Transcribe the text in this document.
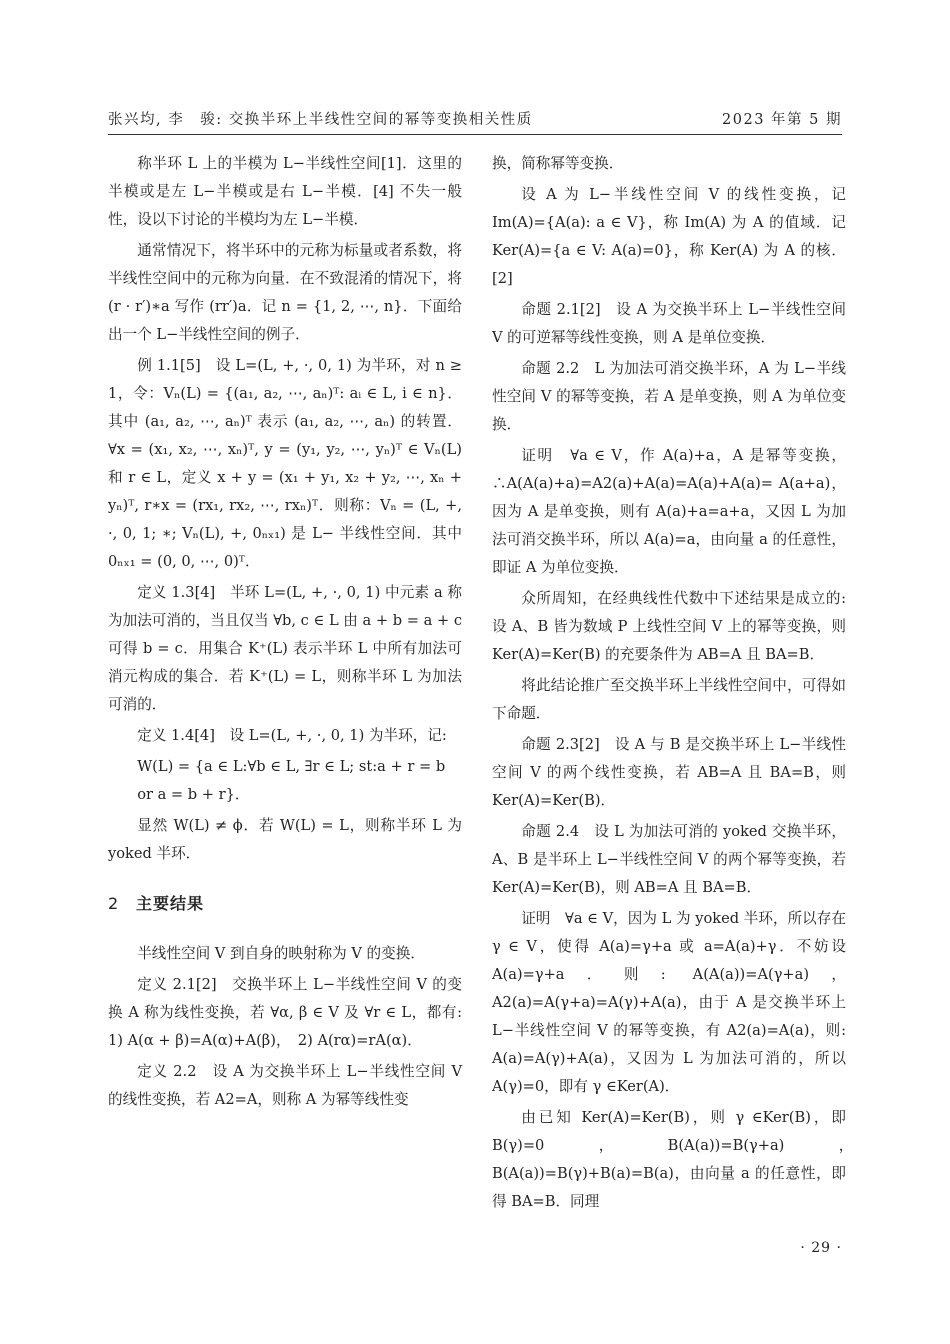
张兴均, 李　骏: 交换半环上半线性空间的幂等变换相关性质	2023 年第 5 期

称半环 L 上的半模为 L−半线性空间[1]．这里的半模或是左 L−半模或是右 L−半模．[4] 不失一般性，设以下讨论的半模均为左 L−半模．

通常情况下，将半环中的元称为标量或者系数，将半线性空间中的元称为向量．在不致混淆的情况下，将 (r · r′)∗a 写作 (rr′)a．记 n = {1, 2, ⋯, n}．下面给出一个 L−半线性空间的例子．

例 1.1[5]　设 L=(L, +, ·, 0, 1) 为半环，对 n ≥ 1，令：Vₙ(L) = {(a₁, a₂, ⋯, aₙ)ᵀ: aᵢ ∈ L, i ∈ n}．其中 (a₁, a₂, ⋯, aₙ)ᵀ 表示 (a₁, a₂, ⋯, aₙ) 的转置．∀x = (x₁, x₂, ⋯, xₙ)ᵀ, y = (y₁, y₂, ⋯, yₙ)ᵀ ∈ Vₙ(L) 和 r ∈ L，定义 x + y = (x₁ + y₁, x₂ + y₂, ⋯, xₙ + yₙ)ᵀ, r∗x = (rx₁, rx₂, ⋯, rxₙ)ᵀ．则称：Vₙ = (L, +, ·, 0, 1; ∗; Vₙ(L), +, 0ₙₓ₁) 是 L− 半线性空间．其中 0ₙₓ₁ = (0, 0, ⋯, 0)ᵀ．

定义 1.3[4]　半环 L=(L, +, ·, 0, 1) 中元素 a 称为加法可消的，当且仅当 ∀b, c ∈ L 由 a + b = a + c 可得 b = c．用集合 K⁺(L) 表示半环 L 中所有加法可消元构成的集合．若 K⁺(L) = L，则称半环 L 为加法可消的．

定义 1.4[4]　设 L=(L, +, ·, 0, 1) 为半环，记:

W(L) = {a ∈ L:∀b ∈ L, ∃r ∈ L; st:a + r = b or a = b + r}．

显然 W(L) ≠ ϕ．若 W(L) = L，则称半环 L 为 yoked 半环．

2 主要结果

半线性空间 V 到自身的映射称为 V 的变换．

定义 2.1[2]　交换半环上 L−半线性空间 V 的变换 A 称为线性变换，若 ∀α, β ∈ V 及 ∀r ∈ L，都有: 1) A(α + β)=A(α)+A(β)，　2) A(rα)=rA(α)．

定义 2.2　设 A 为交换半环上 L−半线性空间 V 的线性变换，若 A2=A，则称 A 为幂等线性变

换，简称幂等变换．

设 A 为 L−半线性空间 V 的线性变换，记 Im(A)={A(a): a ∈ V}，称 Im(A) 为 A 的值域．记 Ker(A)={a ∈ V: A(a)=0}，称 Ker(A) 为 A 的核．[2]

命题 2.1[2]　设 A 为交换半环上 L−半线性空间 V 的可逆幂等线性变换，则 A 是单位变换．

命题 2.2　L 为加法可消交换半环，A 为 L−半线性空间 V 的幂等变换，若 A 是单变换，则 A 为单位变换．

证明　∀a ∈ V，作 A(a)+a，A 是幂等变换，∴A(A(a)+a)=A2(a)+A(a)=A(a)+A(a)= A(a+a)，因为 A 是单变换，则有 A(a)+a=a+a，又因 L 为加法可消交换半环，所以 A(a)=a，由向量 a 的任意性，即证 A 为单位变换．

众所周知，在经典线性代数中下述结果是成立的: 设 A、B 皆为数域 P 上线性空间 V 上的幂等变换，则 Ker(A)=Ker(B) 的充要条件为 AB=A 且 BA=B．

将此结论推广至交换半环上半线性空间中，可得如下命题．

命题 2.3[2]　设 A 与 B 是交换半环上 L−半线性空间 V 的两个线性变换，若 AB=A 且 BA=B，则 Ker(A)=Ker(B)．

命题 2.4　设 L 为加法可消的 yoked 交换半环，A、B 是半环上 L−半线性空间 V 的两个幂等变换，若 Ker(A)=Ker(B)，则 AB=A 且 BA=B．

证明　∀a ∈ V，因为 L 为 yoked 半环，所以存在 γ ∈ V，使得 A(a)=γ+a 或 a=A(a)+γ．不妨设 A(a)=γ+a．则: A(A(a))=A(γ+a)，A2(a)=A(γ+a)=A(γ)+A(a)，由于 A 是交换半环上 L−半线性空间 V 的幂等变换，有 A2(a)=A(a)，则: A(a)=A(γ)+A(a)，又因为 L 为加法可消的，所以 A(γ)=0，即有 γ ∈Ker(A)．

由已知 Ker(A)=Ker(B)，则 γ ∈Ker(B)，即 B(γ)=0，B(A(a))=B(γ+a)，　B(A(a))=B(γ)+B(a)=B(a)，由向量 a 的任意性，即得 BA=B．同理

· 29 ·
